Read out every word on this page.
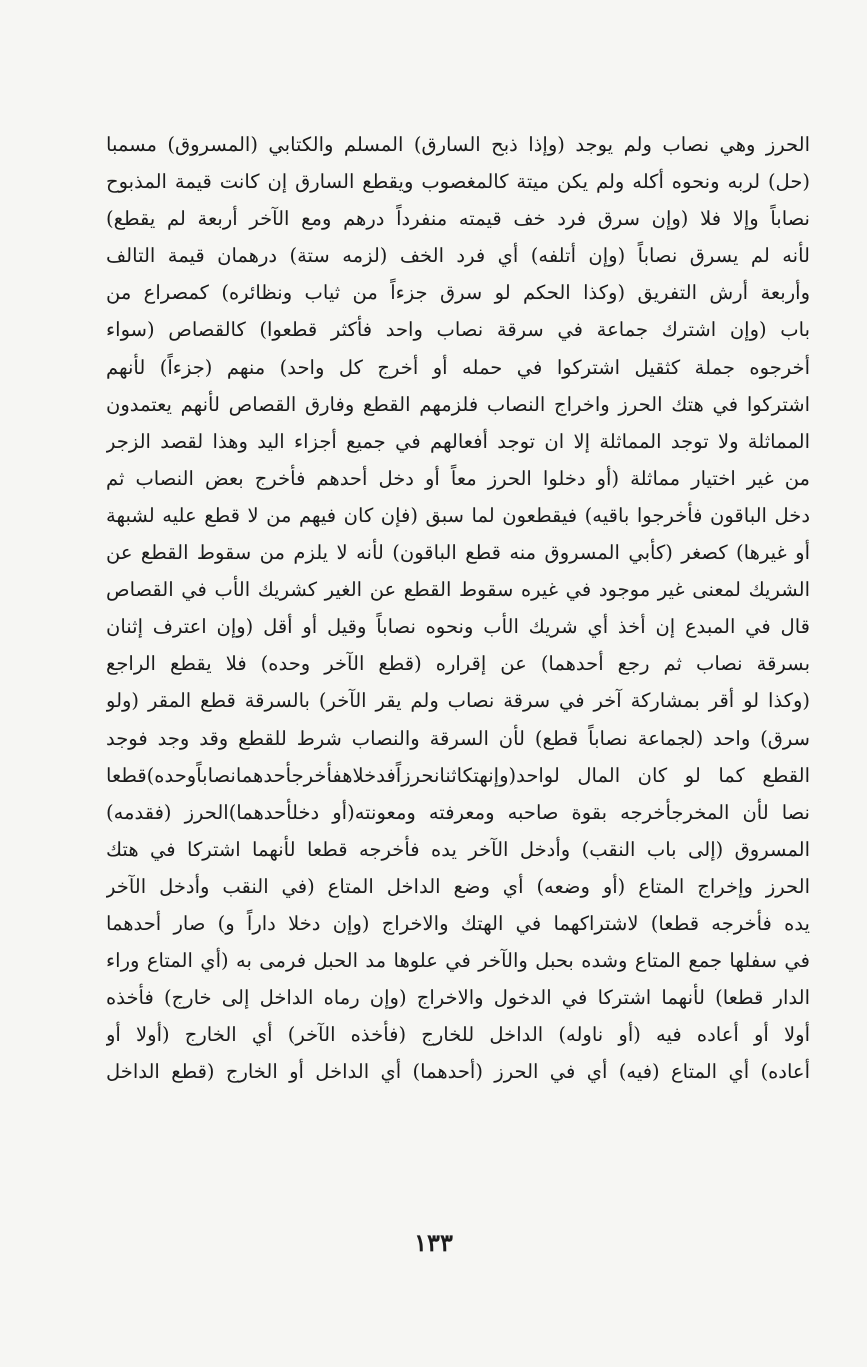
الحرز وهي نصاب ولم يوجد (وإذا ذبح السارق) المسلم والكتابي (المسروق) مسمبا
(حل) لربه ونحوه أكله ولم يكن ميتة كالمغصوب ويقطع السارق إن كانت قيمة المذبوح
نصاباً وإلا فلا (وإن سرق فرد خف قيمته منفرداً درهم ومع الآخر أربعة لم يقطع)
لأنه لم يسرق نصاباً (وإن أتلفه) أي فرد الخف (لزمه ستة) درهمان قيمة التالف
وأربعة أرش التفريق (وكذا الحكم لو سرق جزءاً من ثياب ونظائره) كمصراع من
باب (وإن اشترك جماعة في سرقة نصاب واحد فأكثر قطعوا) كالقصاص (سواء
أخرجوه جملة كثقيل اشتركوا في حمله أو أخرج كل واحد) منهم (جزءاً) لأنهم
اشتركوا في هتك الحرز واخراج النصاب فلزمهم القطع وفارق القصاص لأنهم يعتمدون
المماثلة ولا توجد المماثلة إلا ان توجد أفعالهم في جميع أجزاء اليد وهذا لقصد الزجر
من غير اختيار مماثلة (أو دخلوا الحرز معاً أو دخل أحدهم فأخرج بعض النصاب ثم
دخل الباقون فأخرجوا باقيه) فيقطعون لما سبق (فإن كان فيهم من لا قطع عليه لشبهة
أو غيرها) كصغر (كأبي المسروق منه قطع الباقون) لأنه لا يلزم من سقوط القطع عن
الشريك لمعنى غير موجود في غيره سقوط القطع عن الغير كشريك الأب في القصاص
قال في المبدع إن أخذ أي شريك الأب ونحوه نصاباً وقيل أو أقل (وإن اعترف إثنان
بسرقة نصاب ثم رجع أحدهما) عن إقراره (قطع الآخر وحده) فلا يقطع الراجع
(وكذا لو أقر بمشاركة آخر في سرقة نصاب ولم يقر الآخر) بالسرقة قطع المقر (ولو
سرق) واحد (لجماعة نصاباً قطع) لأن السرقة والنصاب شرط للقطع وقد وجد فوجد
القطع كما لو كان المال لواحد(وإنهتكاثنانحرزاًفدخلاهفأخرجأحدهمانصاباًوحده)قطعا
نصا لأن المخرجأخرجه بقوة صاحبه ومعرفته ومعونته(أو دخلأحدهما)الحرز (فقدمه)
المسروق (إلى باب النقب) وأدخل الآخر يده فأخرجه قطعا لأنهما اشتركا في هتك
الحرز وإخراج المتاع (أو وضعه) أي وضع الداخل المتاع (في النقب وأدخل الآخر
يده فأخرجه قطعا) لاشتراكهما في الهتك والاخراج (وإن دخلا داراً و) صار أحدهما
في سفلها جمع المتاع وشده بحبل والآخر في علوها مد الحبل فرمى به (أي المتاع وراء
الدار قطعا) لأنهما اشتركا في الدخول والاخراج (وإن رماه الداخل إلى خارج) فأخذه
أولا أو أعاده فيه (أو ناوله) الداخل للخارج (فأخذه الآخر) أي الخارج (أولا أو
أعاده) أي المتاع (فيه) أي في الحرز (أحدهما) أي الداخل أو الخارج (قطع الداخل
١٣٣
